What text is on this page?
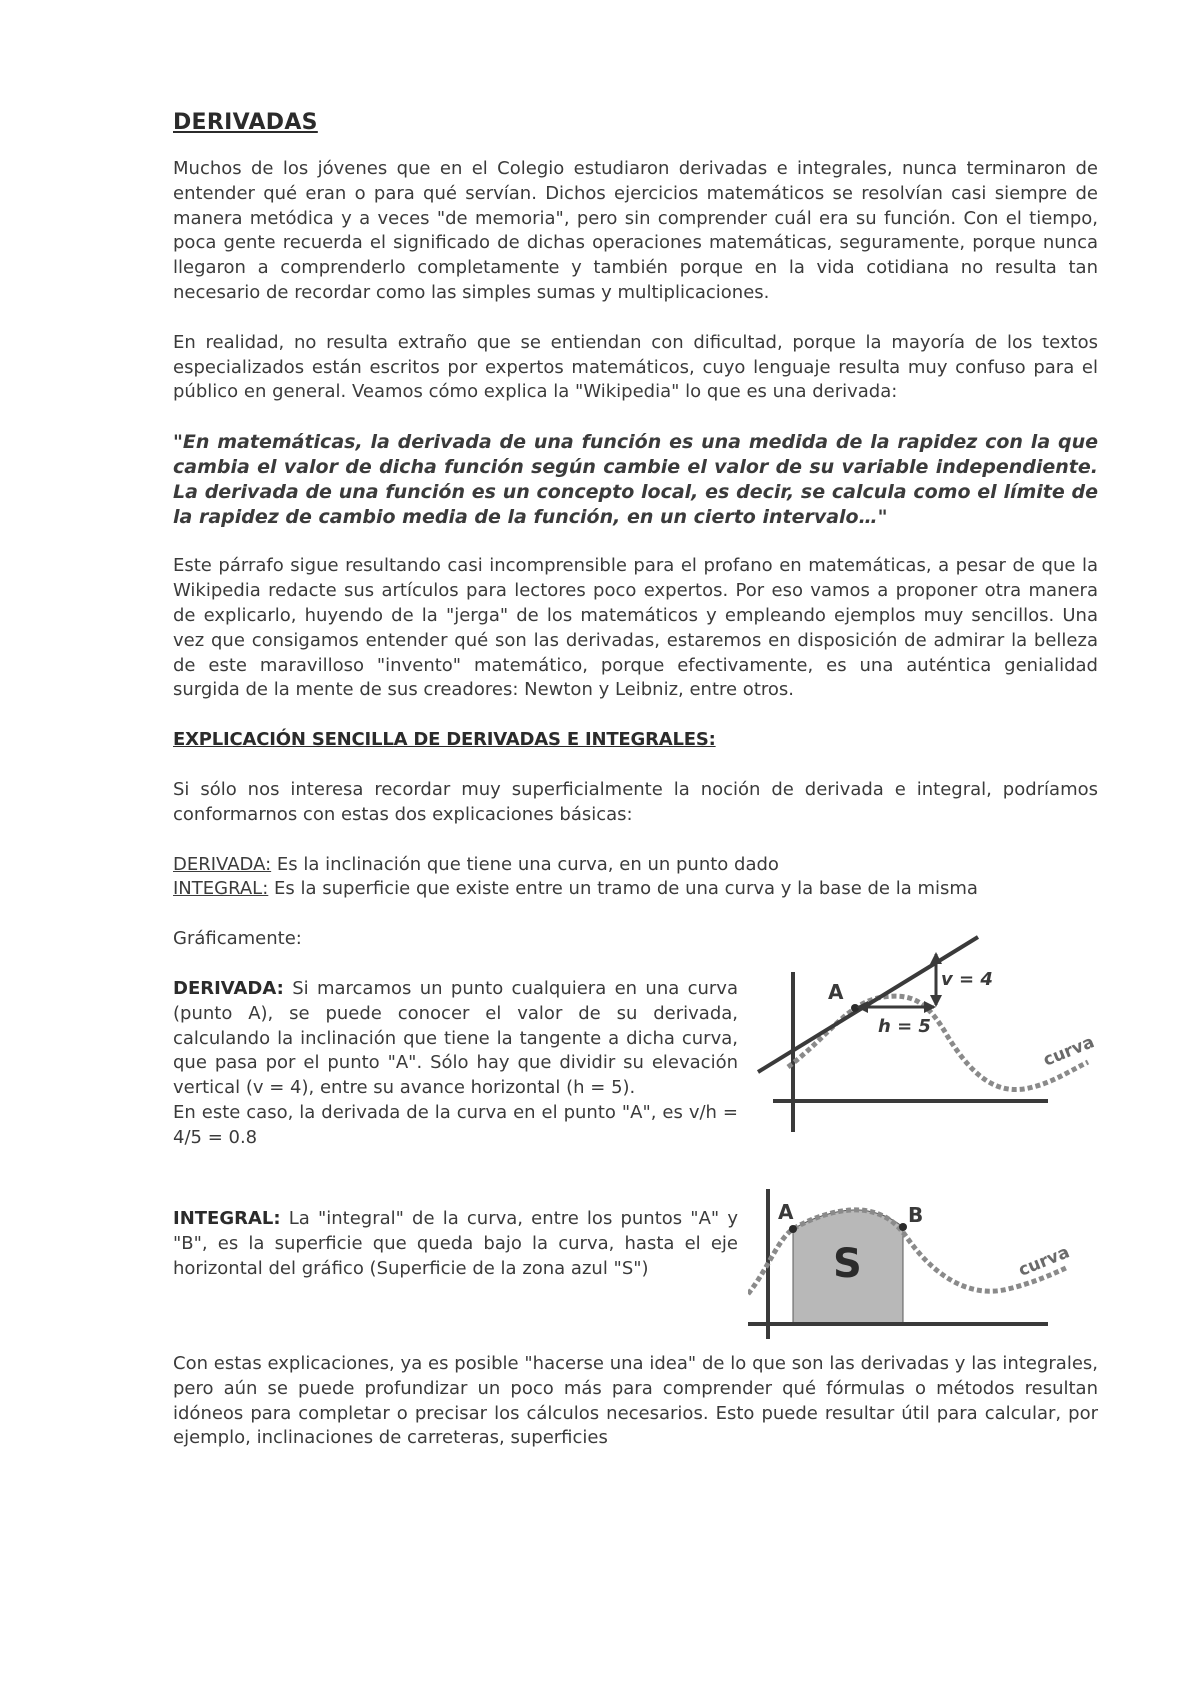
DERIVADAS

Muchos de los jóvenes que en el Colegio estudiaron derivadas e integrales, nunca terminaron de entender qué eran o para qué servían. Dichos ejercicios matemáticos se resolvían casi siempre de manera metódica y a veces "de memoria", pero sin comprender cuál era su función. Con el tiempo, poca gente recuerda el significado de dichas operaciones matemáticas, seguramente, porque nunca llegaron a comprenderlo completamente y también porque en la vida cotidiana no resulta tan necesario de recordar como las simples sumas y multiplicaciones.

En realidad, no resulta extraño que se entiendan con dificultad, porque la mayoría de los textos especializados están escritos por expertos matemáticos, cuyo lenguaje resulta muy confuso para el público en general. Veamos cómo explica la "Wikipedia" lo que es una derivada:

"En matemáticas, la derivada de una función es una medida de la rapidez con la que cambia el valor de dicha función según cambie el valor de su variable independiente. La derivada de una función es un concepto local, es decir, se calcula como el límite de la rapidez de cambio media de la función, en un cierto intervalo…"

Este párrafo sigue resultando casi incomprensible para el profano en matemáticas, a pesar de que la Wikipedia redacte sus artículos para lectores poco expertos. Por eso vamos a proponer otra manera de explicarlo, huyendo de la "jerga" de los matemáticos y empleando ejemplos muy sencillos. Una vez que consigamos entender qué son las derivadas, estaremos en disposición de admirar la belleza de este maravilloso "invento" matemático, porque efectivamente, es una auténtica genialidad surgida de la mente de sus creadores: Newton y Leibniz, entre otros.

EXPLICACIÓN SENCILLA DE DERIVADAS E INTEGRALES:

Si sólo nos interesa recordar muy superficialmente la noción de derivada e integral, podríamos conformarnos con estas dos explicaciones básicas:

DERIVADA: Es la inclinación que tiene una curva, en un punto dado
INTEGRAL: Es la superficie que existe entre un tramo de una curva y la base de la misma
Gráficamente:

DERIVADA: Si marcamos un punto cualquiera en una curva (punto A), se puede conocer el valor de su derivada, calculando la inclinación que tiene la tangente a dicha curva, que pasa por el punto "A". Sólo hay que dividir su elevación vertical (v = 4), entre su avance horizontal (h = 5).

En este caso, la derivada de la curva en el punto "A", es v/h = 4/5 = 0.8

A
v = 4
h = 5
curva

INTEGRAL: La "integral" de la curva, entre los puntos "A" y "B", es la superficie que queda bajo la curva, hasta el eje horizontal del gráfico (Superficie de la zona azul "S")

A	B
S	curva

Con estas explicaciones, ya es posible "hacerse una idea" de lo que son las derivadas y las integrales, pero aún se puede profundizar un poco más para comprender qué fórmulas o métodos resultan idóneos para completar o precisar los cálculos necesarios. Esto puede resultar útil para calcular, por ejemplo, inclinaciones de carreteras, superficies
